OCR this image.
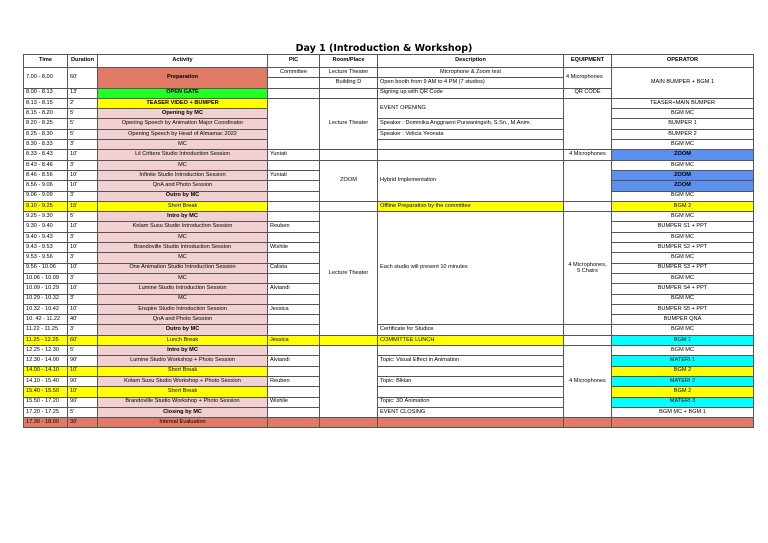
Day 1 (Introduction & Workshop)
Time	Duration	Activity	PIC	Room/Place	Description	EQUIPMENT	OPERATOR
7.00 - 8.00	60'	Preparation	Committee	Lecture Theater	Microphone & Zoom test	4 Microphones	MAIN BUMPER + BGM 1
				Building D	Open booth from 9 AM to 4 PM (7 studios)		
8.00 - 8.13	13'	OPEN GATE			Signing up with QR Code	QR CODE	
8.13 - 8.15	2'	TEASER VIDEO + BUMPER		Lecture Theater	EVENT OPENING		TEASER+MAIN BUMPER
8.15 - 8.20	5'	Opening by MC					BGM MC
8.20 - 8.25	5'	Opening Speech by Animation Major Coordinator			Speaker : Dominika Anggraeni Purwaningsih, S.Sn., M.Anim.		BUMPER 1
8.25 - 8.30	5'	Opening Speech by Head of Almamac 2022			Speaker : Velicia Yeonata		BUMPER 2
8.30 - 8.33	3'	MC					BGM MC
8.33 - 8.43	10'	Lil Critters Studio Introduction Session	Yuniati			4 Microphones	ZOOM
8.43 - 8.46	3'	MC		ZOOM	Hybrid Implementation		BGM MC
8.46 - 8.56	10'	Infinite Studio Introduction Session	Yuniati				ZOOM
8.56 - 9.06	10'	QnA and Photo Session					ZOOM
9.06 - 9.09	3'	Outro by MC					BGM MC
9.10 - 9.25	15'	Short Break			Offline Preparation by the committee		BGM 2
9.25 - 9.30	5'	Intro by MC		Lecture Theater	Each studio will present 10 minutes	4 Microphones,
5 Chairs	BGM MC
9.30 - 9.40	10'	Kolam Susu Studio Introduction Session	Reuben				BUMPER S1 + PPT
9.40 - 9.43	3'	MC					BGM MC
9.43 - 9.53	10'	Brandoville Studio Introduction Session	Wishlie				BUMPER S2 + PPT
9.53 - 9.56	3'	MC					BGM MC
9.56 - 10.06	10'	One Animation Studio Introduction Session	Calista				BUMPER S3 + PPT
10.06 - 10.09	3'	MC					BGM MC
10.09 - 10.29	10'	Lumine Studio Introduction Session	Alviandi				BUMPER S4 + PPT
10.29 - 10.32	3'	MC					BGM MC
10.32 - 10.42	10'	Enspire Studio Introduction Session	Jessica				BUMPER S5 + PPT
10. 42 - 11.22	40'	QnA and Photo Session					BUMPER QNA
11.22 - 11.25	3'	Outro by MC			Certificate for Studios		BGM MC
11.25 - 12.25	60'	Lunch Break	Jessica		COMMITTEE LUNCH		BGM 1
12.25 - 12.30	5'	Intro by MC				4 Microphones	BGM MC
12.30 - 14.00	90'	Lumine Studio Workshop + Photo Session	Alviandi		Topic: Visual Effect in Animation		MATERI 1
14.00 - 14.10	10'	Short Break					BGM 2
14.10 - 15.40	90'	Kolam Susu Studio Workshop + Photo Session	Reuben		Topic: Blklan		MATERI 2
15.40 - 15.50	10'	Short Break					BGM 2
15.50 - 17.20	90'	Brandoville Studio Workshop + Photo Session	Wishlie		Topic: 3D Animation		MATERI 3
17.20 - 17.25	5'	Closing by MC			EVENT CLOSING		BGM MC + BGM 1
17.30 - 18.00	30'	Internal Evaluation					
